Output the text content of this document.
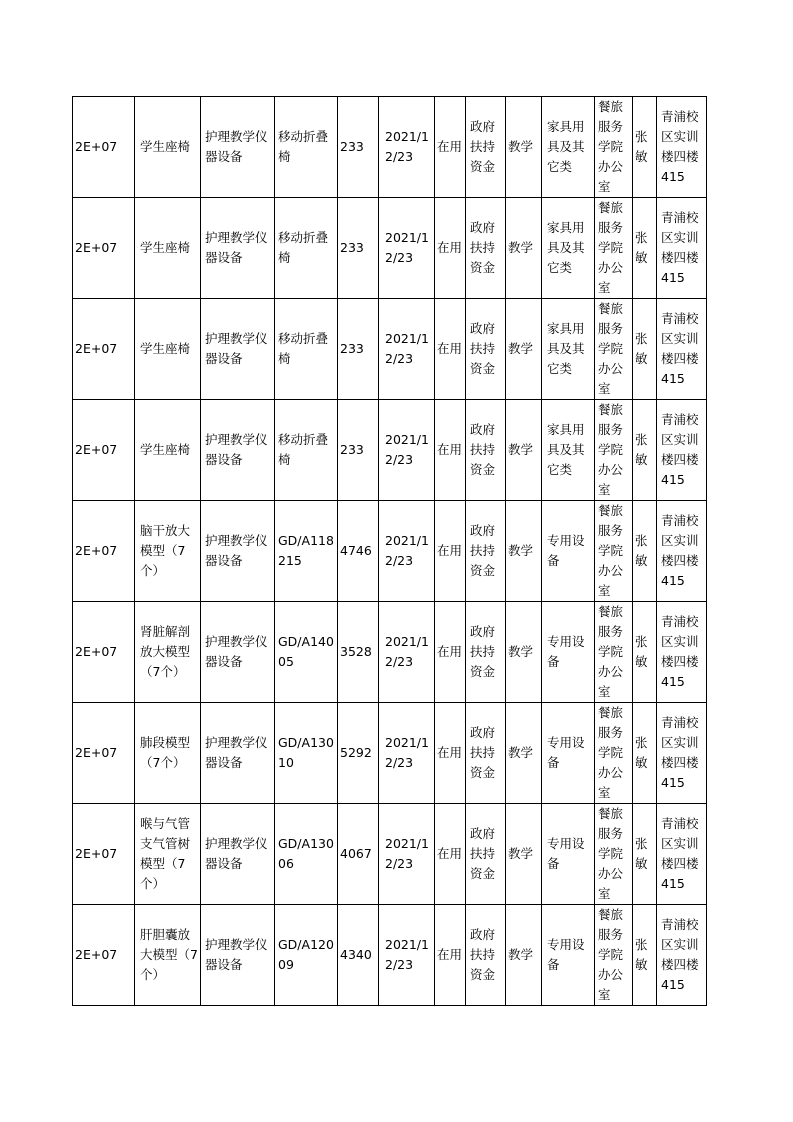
2E+07	学生座椅	护理教学仪器设备	移动折叠椅	233	2021/12/23	在用	政府扶持资金	教学	家具用具及其它类	餐旅服务学院办公室	张敏	青浦校区实训楼四楼415
2E+07	学生座椅	护理教学仪器设备	移动折叠椅	233	2021/12/23	在用	政府扶持资金	教学	家具用具及其它类	餐旅服务学院办公室	张敏	青浦校区实训楼四楼415
2E+07	学生座椅	护理教学仪器设备	移动折叠椅	233	2021/12/23	在用	政府扶持资金	教学	家具用具及其它类	餐旅服务学院办公室	张敏	青浦校区实训楼四楼415
2E+07	学生座椅	护理教学仪器设备	移动折叠椅	233	2021/12/23	在用	政府扶持资金	教学	家具用具及其它类	餐旅服务学院办公室	张敏	青浦校区实训楼四楼415
2E+07	脑干放大模型（7个）	护理教学仪器设备	GD/A118215	4746	2021/12/23	在用	政府扶持资金	教学	专用设备	餐旅服务学院办公室	张敏	青浦校区实训楼四楼415
2E+07	肾脏解剖放大模型（7个）	护理教学仪器设备	GD/A14005	3528	2021/12/23	在用	政府扶持资金	教学	专用设备	餐旅服务学院办公室	张敏	青浦校区实训楼四楼415
2E+07	肺段模型（7个）	护理教学仪器设备	GD/A13010	5292	2021/12/23	在用	政府扶持资金	教学	专用设备	餐旅服务学院办公室	张敏	青浦校区实训楼四楼415
2E+07	喉与气管支气管树模型（7个）	护理教学仪器设备	GD/A13006	4067	2021/12/23	在用	政府扶持资金	教学	专用设备	餐旅服务学院办公室	张敏	青浦校区实训楼四楼415
2E+07	肝胆囊放大模型（7个）	护理教学仪器设备	GD/A12009	4340	2021/12/23	在用	政府扶持资金	教学	专用设备	餐旅服务学院办公室	张敏	青浦校区实训楼四楼415
